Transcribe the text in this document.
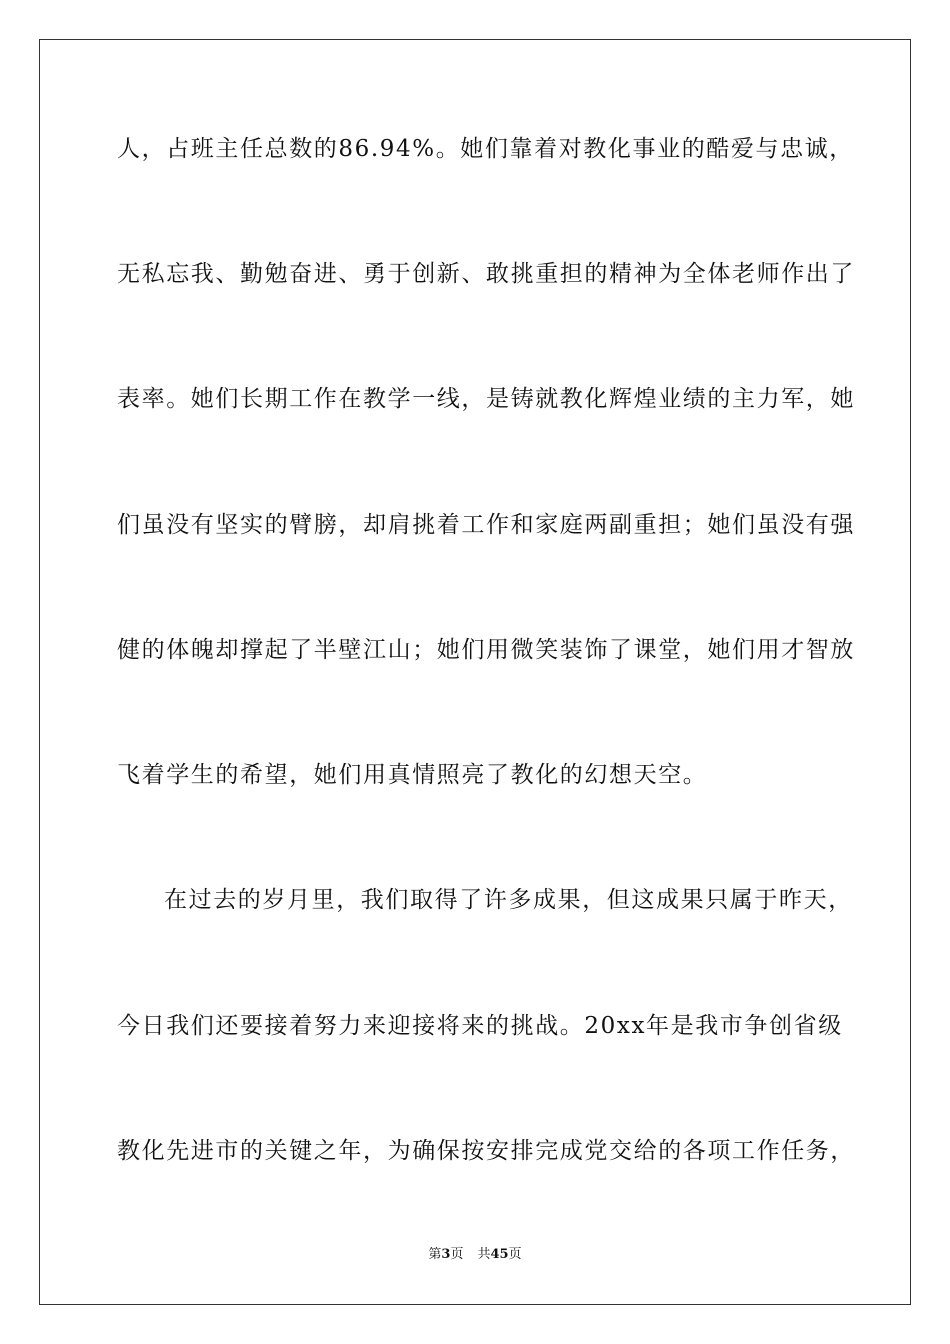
人，占班主任总数的86.94%。她们靠着对教化事业的酷爱与忠诚，
无私忘我、勤勉奋进、勇于创新、敢挑重担的精神为全体老师作出了
表率。她们长期工作在教学一线，是铸就教化辉煌业绩的主力军，她
们虽没有坚实的臂膀，却肩挑着工作和家庭两副重担；她们虽没有强
健的体魄却撑起了半壁江山；她们用微笑装饰了课堂，她们用才智放
飞着学生的希望，她们用真情照亮了教化的幻想天空。
在过去的岁月里，我们取得了许多成果，但这成果只属于昨天，
今日我们还要接着努力来迎接将来的挑战。20xx年是我市争创省级
教化先进市的关键之年，为确保按安排完成党交给的各项工作任务，
第3页 共45页
